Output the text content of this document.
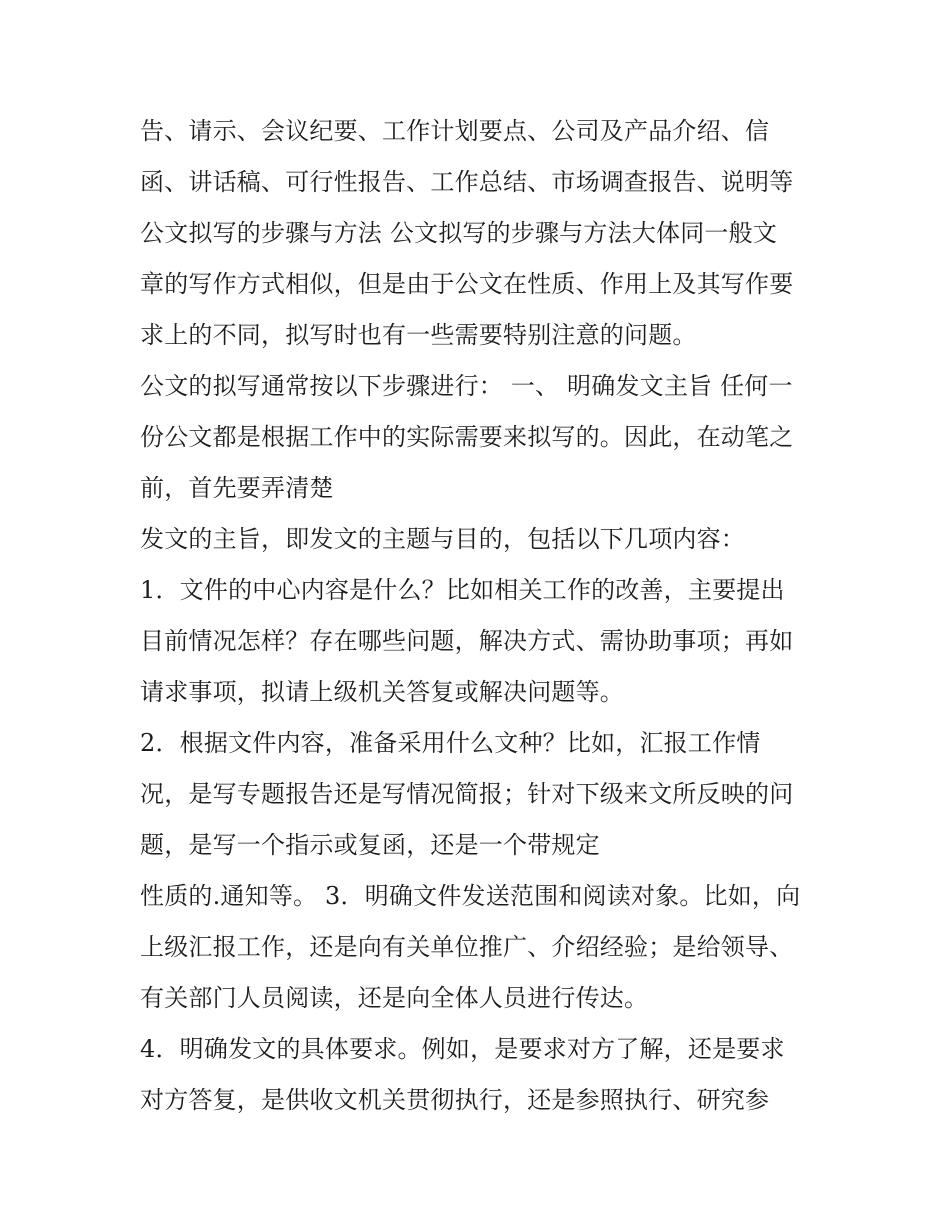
告、请示、会议纪要、工作计划要点、公司及产品介绍、信
函、讲话稿、可行性报告、工作总结、市场调查报告、说明等
公文拟写的步骤与方法 公文拟写的步骤与方法大体同一般文
章的写作方式相似，但是由于公文在性质、作用上及其写作要
求上的不同，拟写时也有一些需要特别注意的问题。
公文的拟写通常按以下步骤进行： 一、 明确发文主旨 任何一
份公文都是根据工作中的实际需要来拟写的。因此，在动笔之
前，首先要弄清楚
发文的主旨，即发文的主题与目的，包括以下几项内容：
1．文件的中心内容是什么？比如相关工作的改善，主要提出
目前情况怎样？存在哪些问题，解决方式、需协助事项；再如
请求事项，拟请上级机关答复或解决问题等。
2．根据文件内容，准备采用什么文种？比如，汇报工作情
况，是写专题报告还是写情况简报；针对下级来文所反映的问
题，是写一个指示或复函，还是一个带规定
性质的.通知等。 3．明确文件发送范围和阅读对象。比如，向
上级汇报工作，还是向有关单位推广、介绍经验；是给领导、
有关部门人员阅读，还是向全体人员进行传达。
4．明确发文的具体要求。例如，是要求对方了解，还是要求
对方答复，是供收文机关贯彻执行，还是参照执行、研究参
